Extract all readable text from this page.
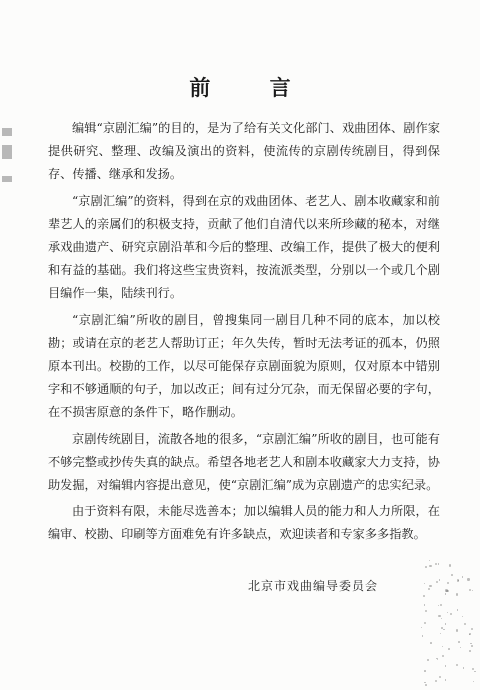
前 言

编辑“京剧汇编”的目的，是为了给有关文化部门、戏曲团体、剧作家提供研究、整理、改编及演出的资料，使流传的京剧传统剧目，得到保存、传播、继承和发扬。

“京剧汇编”的资料，得到在京的戏曲团体、老艺人、剧本收藏家和前辈艺人的亲属们的积极支持，贡献了他们自清代以来所珍藏的秘本，对继承戏曲遗产、研究京剧沿革和今后的整理、改编工作，提供了极大的便利和有益的基础。我们将这些宝贵资料，按流派类型，分别以一个或几个剧目编作一集，陆续刊行。

“京剧汇编”所收的剧目，曾搜集同一剧目几种不同的底本，加以校勘；或请在京的老艺人帮助订正；年久失传，暂时无法考证的孤本，仍照原本刊出。校勘的工作，以尽可能保存京剧面貌为原则，仅对原本中错别字和不够通顺的句子，加以改正；间有过分冗杂，而无保留必要的字句，在不损害原意的条件下，略作删动。

京剧传统剧目，流散各地的很多，“京剧汇编”所收的剧目，也可能有不够完整或抄传失真的缺点。希望各地老艺人和剧本收藏家大力支持，协助发掘，对编辑内容提出意见，使“京剧汇编”成为京剧遗产的忠实纪录。

由于资料有限，未能尽选善本；加以编辑人员的能力和人力所限，在编审、校勘、印刷等方面难免有许多缺点，欢迎读者和专家多多指教。

北京市戏曲编导委员会
